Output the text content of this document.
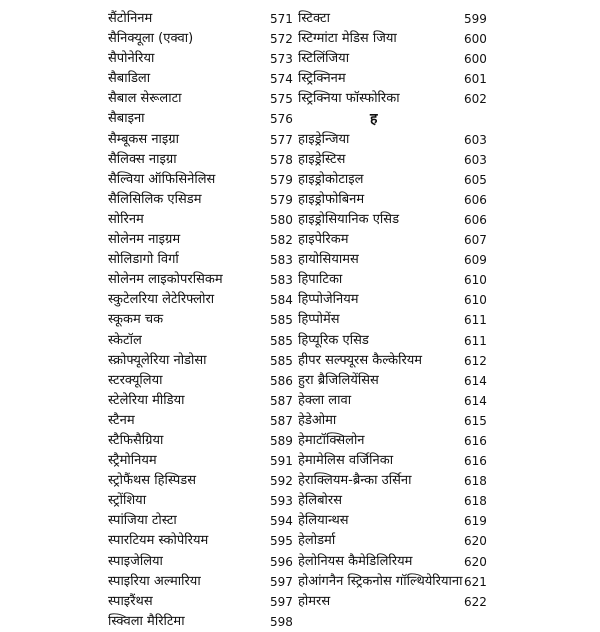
सैंटोनिनम	571
सैनिक्यूला (एक्वा)	572
सैपोनेरिया	573
सैबाडिला	574
सैबाल सेरूलाटा	575
सैबाइना	576
सैम्बूकस नाइग्रा	577
सैलिक्स नाइग्रा	578
सैल्विया ऑफिसिनेलिस	579
सैलिसिलिक एसिडम	579
सोरिनम	580
सोलेनम नाइग्रम	582
सोलिडागो विर्गा	583
सोलेनम लाइकोपरसिकम	583
स्कुटेलरिया लेटेरिफ्लोरा	584
स्कूकम चक	585
स्केटॉल	585
स्क्रोफ्यूलेरिया नोडोसा	585
स्टरक्यूलिया	586
स्टेलेरिया मीडिया	587
स्टैनम	587
स्टैफिसैग्रिया	589
स्ट्रैमोनियम	591
स्ट्रोफैंथस हिस्पिडस	592
स्ट्रोंशिया	593
स्पांजिया टोस्टा	594
स्पारटियम स्कोपेरियम	595
स्पाइजेलिया	596
स्पाइरिया अल्मारिया	597
स्पाइरैंथस	597
स्क्विला मैरिटिमा	598
स्टिक्टा	599
स्टिग्मांटा मेडिस जिया	600
स्टिलिंजिया	600
स्ट्रिक्निनम	601
स्ट्रिक्निया फॉस्फोरिका	602
ह
हाइड्रेन्जिया	603
हाइड्रेस्टिस	603
हाइड्रोकोटाइल	605
हाइड्रोफोबिनम	606
हाइड्रोसियानिक एसिड	606
हाइपेरिकम	607
हायोसियामस	609
हिपाटिका	610
हिप्पोजेनियम	610
हिप्पोमेंस	611
हिप्यूरिक एसिड	611
हीपर सल्फ्यूरस कैल्केरियम	612
हुरा ब्रैजिलियेंसिस	614
हेक्ला लावा	614
हेडेओमा	615
हेमाटॉक्सिलोन	616
हेमामेलिस वर्जिनिका	616
हेराक्लियम-ब्रैन्का उर्सिना	618
हेलिबोरस	618
हेलियान्थस	619
हेलोडर्मा	620
हेलोनियस कैमेडिलिरियम	620
होआंगनैन स्ट्रिकनोस गॉल्थियेरियाना 621
होमरस	622
